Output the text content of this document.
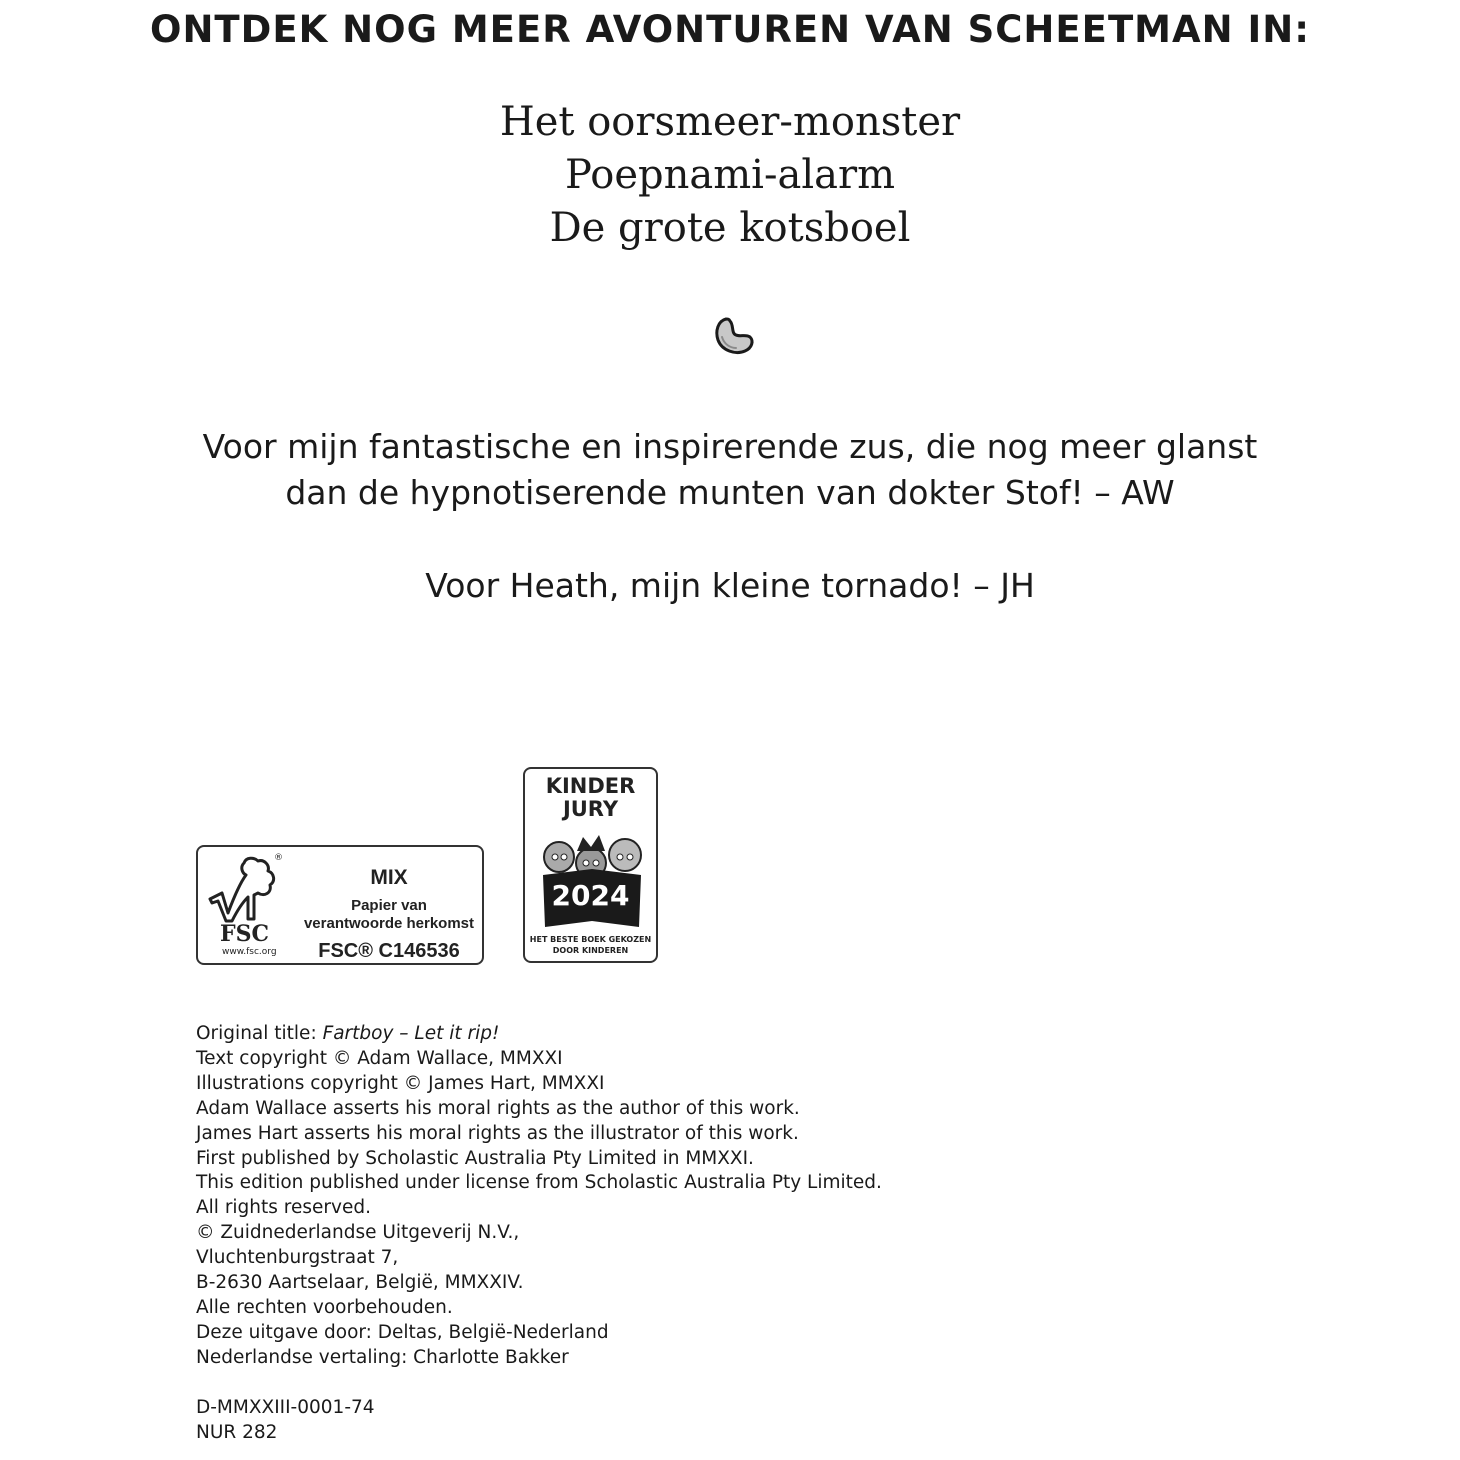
ONTDEK NOG MEER AVONTUREN VAN SCHEETMAN IN:
Het oorsmeer-monster
Poepnami-alarm
De grote kotsboel
Voor mijn fantastische en inspirerende zus, die nog meer glanst
dan de hypnotiserende munten van dokter Stof! – AW
Voor Heath, mijn kleine tornado! – JH
®
FSC
www.fsc.org
MIX
Papier van
verantwoorde herkomst
FSC® C146536
KINDER
JURY
2024
HET BESTE BOEK GEKOZEN
DOOR KINDEREN
Original title: Fartboy – Let it rip!
Text copyright © Adam Wallace, MMXXI
Illustrations copyright © James Hart, MMXXI
Adam Wallace asserts his moral rights as the author of this work.
James Hart asserts his moral rights as the illustrator of this work.
First published by Scholastic Australia Pty Limited in MMXXI.
This edition published under license from Scholastic Australia Pty Limited.
All rights reserved.
© Zuidnederlandse Uitgeverij N.V.,
Vluchtenburgstraat 7,
B-2630 Aartselaar, België, MMXXIV.
Alle rechten voorbehouden.
Deze uitgave door: Deltas, België-Nederland
Nederlandse vertaling: Charlotte Bakker
D-MMXXIII-0001-74
NUR 282
